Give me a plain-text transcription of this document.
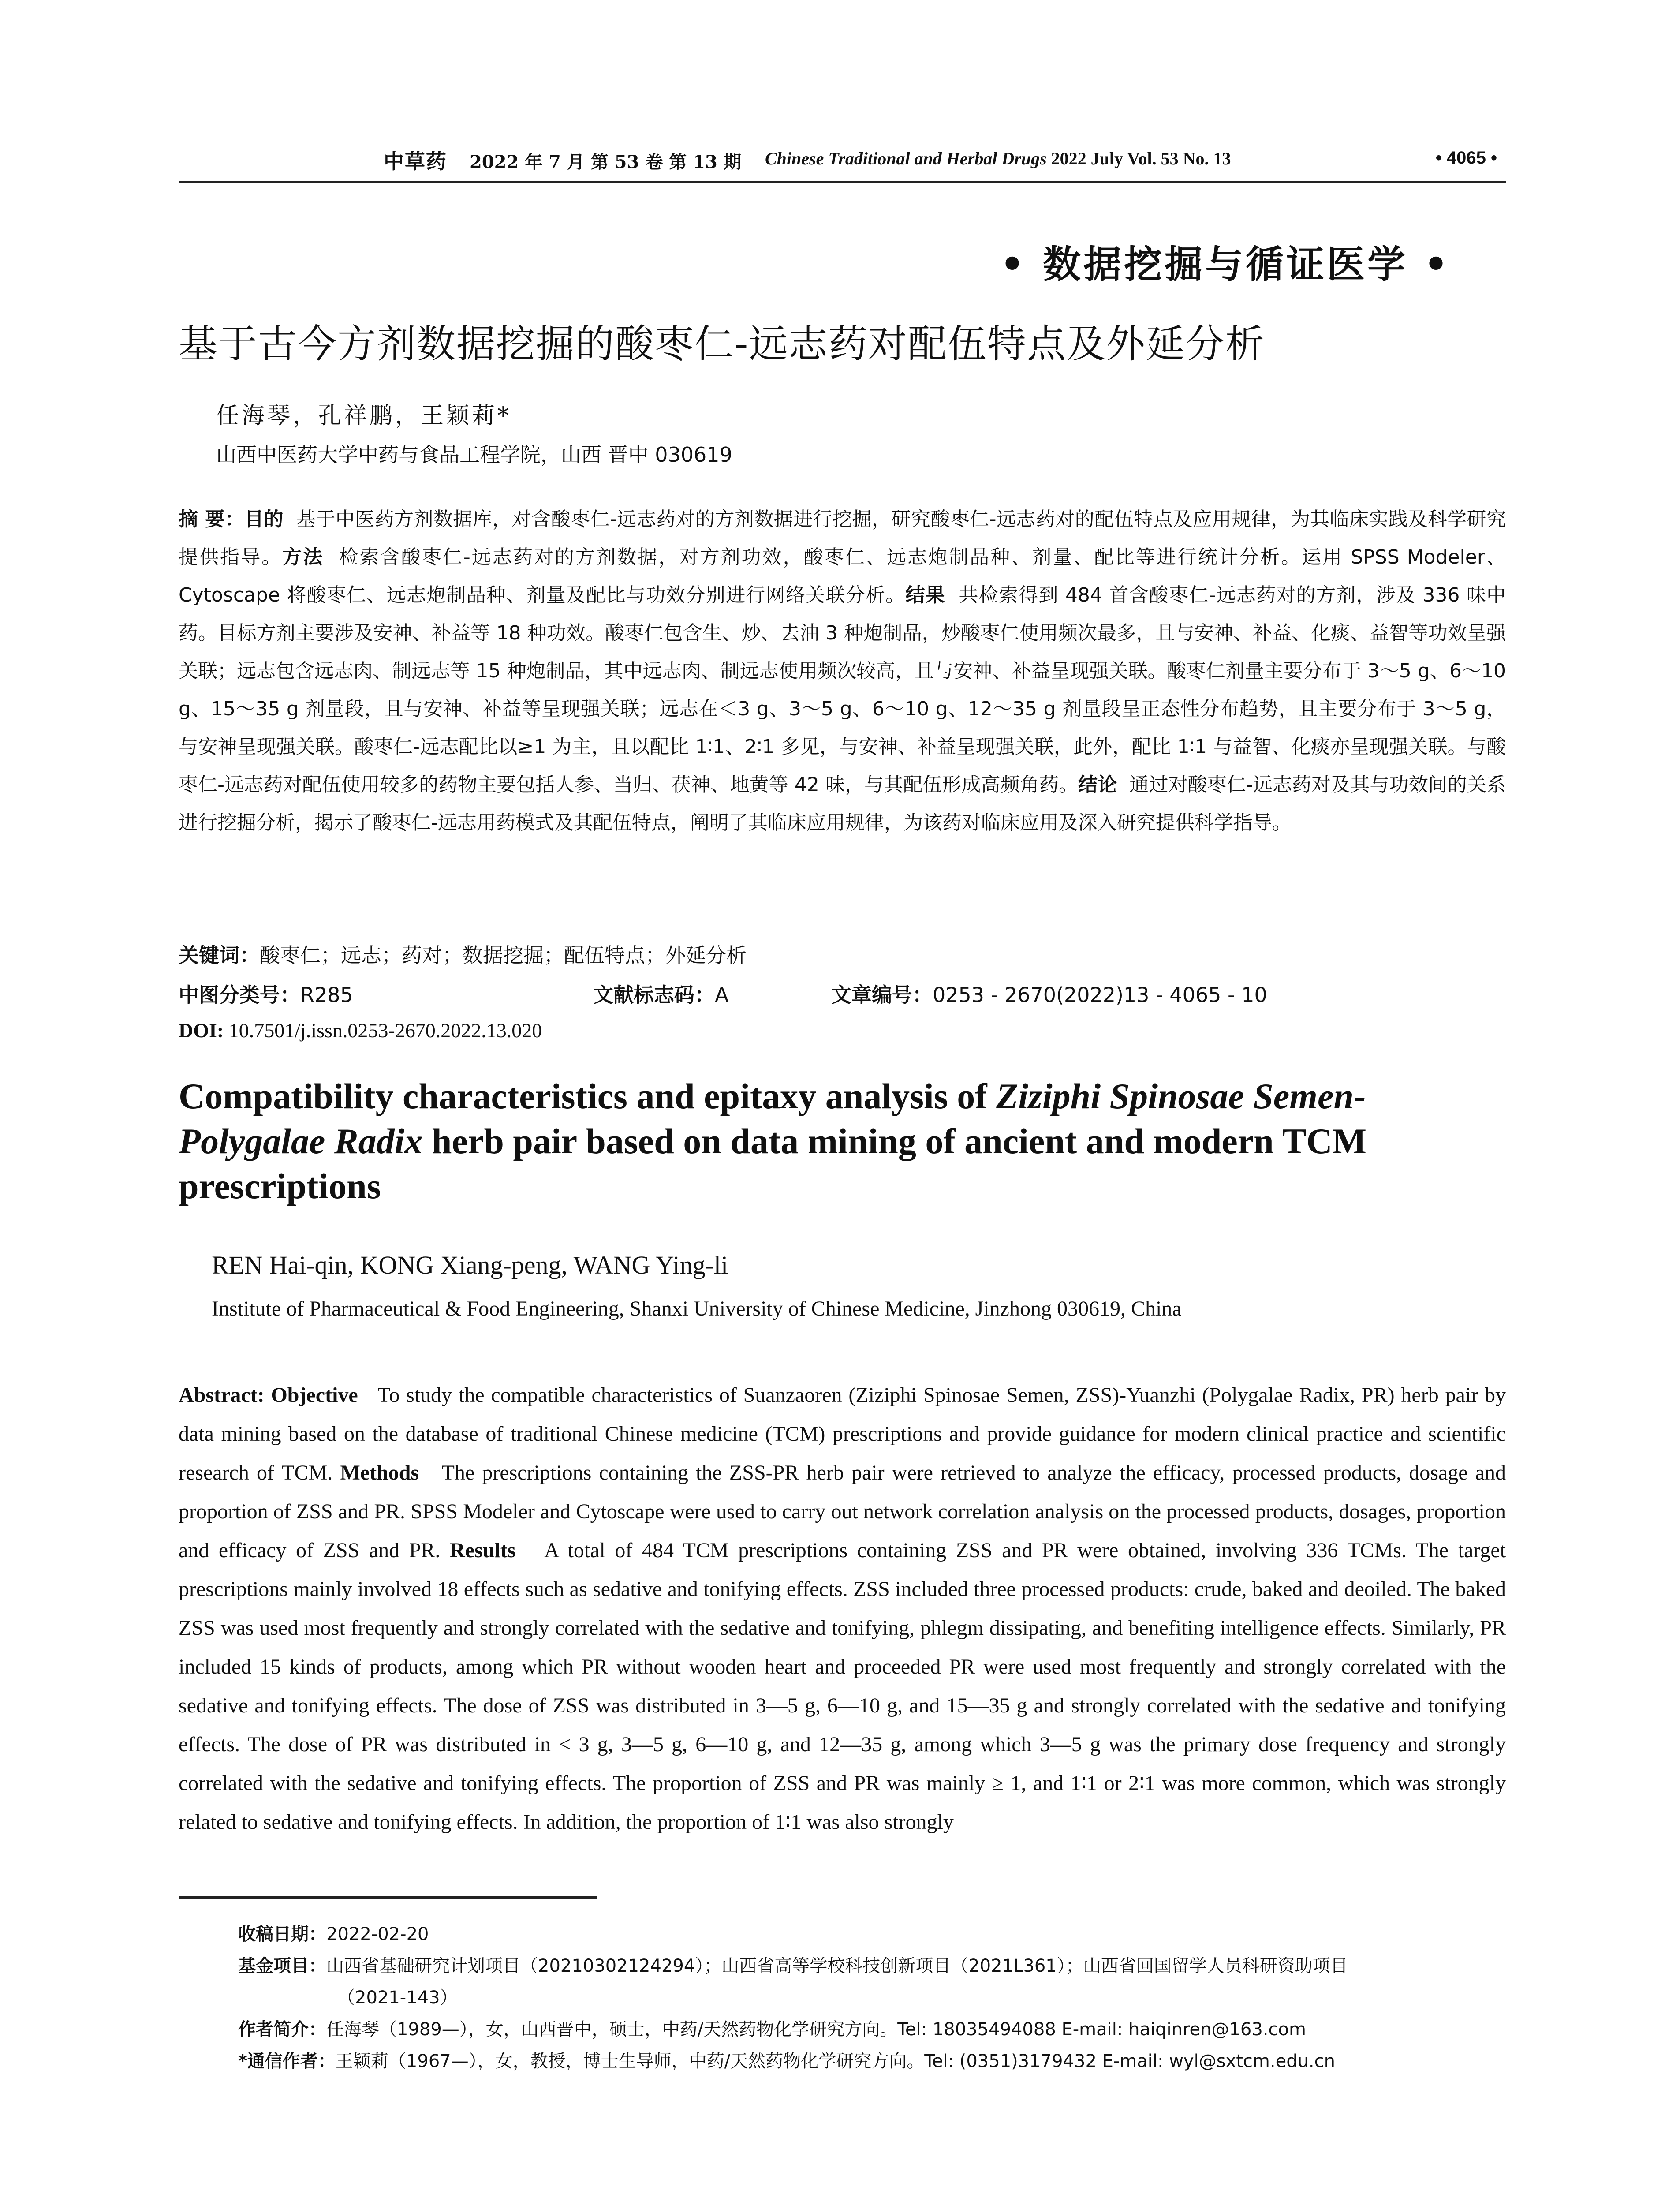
中草药 2022 年 7 月 第 53 卷 第 13 期 Chinese Traditional and Herbal Drugs 2022 July Vol. 53 No. 13	• 4065 •
• 数据挖掘与循证医学 •
基于古今方剂数据挖掘的酸枣仁-远志药对配伍特点及外延分析
任海琴，孔祥鹏，王颖莉*
山西中医药大学中药与食品工程学院，山西 晋中 030619
摘 要：目的 基于中医药方剂数据库，对含酸枣仁-远志药对的方剂数据进行挖掘，研究酸枣仁-远志药对的配伍特点及应用规律，为其临床实践及科学研究提供指导。方法 检索含酸枣仁-远志药对的方剂数据，对方剂功效，酸枣仁、远志炮制品种、剂量、配比等进行统计分析。运用 SPSS Modeler、Cytoscape 将酸枣仁、远志炮制品种、剂量及配比与功效分别进行网络关联分析。结果 共检索得到 484 首含酸枣仁-远志药对的方剂，涉及 336 味中药。目标方剂主要涉及安神、补益等 18 种功效。酸枣仁包含生、炒、去油 3 种炮制品，炒酸枣仁使用频次最多，且与安神、补益、化痰、益智等功效呈强关联；远志包含远志肉、制远志等 15 种炮制品，其中远志肉、制远志使用频次较高，且与安神、补益呈现强关联。酸枣仁剂量主要分布于 3～5 g、6～10 g、15～35 g 剂量段，且与安神、补益等呈现强关联；远志在＜3 g、3～5 g、6～10 g、12～35 g 剂量段呈正态性分布趋势，且主要分布于 3～5 g，与安神呈现强关联。酸枣仁-远志配比以≥1 为主，且以配比 1∶1、2∶1 多见，与安神、补益呈现强关联，此外，配比 1∶1 与益智、化痰亦呈现强关联。与酸枣仁-远志药对配伍使用较多的药物主要包括人参、当归、茯神、地黄等 42 味，与其配伍形成高频角药。结论 通过对酸枣仁-远志药对及其与功效间的关系进行挖掘分析，揭示了酸枣仁-远志用药模式及其配伍特点，阐明了其临床应用规律，为该药对临床应用及深入研究提供科学指导。
关键词：酸枣仁；远志；药对；数据挖掘；配伍特点；外延分析
中图分类号：R285	文献标志码：A	文章编号：0253 - 2670(2022)13 - 4065 - 10
DOI: 10.7501/j.issn.0253-2670.2022.13.020
Compatibility characteristics and epitaxy analysis of Ziziphi Spinosae Semen-Polygalae Radix herb pair based on data mining of ancient and modern TCM prescriptions
REN Hai-qin, KONG Xiang-peng, WANG Ying-li
Institute of Pharmaceutical & Food Engineering, Shanxi University of Chinese Medicine, Jinzhong 030619, China
Abstract: Objective To study the compatible characteristics of Suanzaoren (Ziziphi Spinosae Semen, ZSS)-Yuanzhi (Polygalae Radix, PR) herb pair by data mining based on the database of traditional Chinese medicine (TCM) prescriptions and provide guidance for modern clinical practice and scientific research of TCM. Methods The prescriptions containing the ZSS-PR herb pair were retrieved to analyze the efficacy, processed products, dosage and proportion of ZSS and PR. SPSS Modeler and Cytoscape were used to carry out network correlation analysis on the processed products, dosages, proportion and efficacy of ZSS and PR. Results A total of 484 TCM prescriptions containing ZSS and PR were obtained, involving 336 TCMs. The target prescriptions mainly involved 18 effects such as sedative and tonifying effects. ZSS included three processed products: crude, baked and deoiled. The baked ZSS was used most frequently and strongly correlated with the sedative and tonifying, phlegm dissipating, and benefiting intelligence effects. Similarly, PR included 15 kinds of products, among which PR without wooden heart and proceeded PR were used most frequently and strongly correlated with the sedative and tonifying effects. The dose of ZSS was distributed in 3—5 g, 6—10 g, and 15—35 g and strongly correlated with the sedative and tonifying effects. The dose of PR was distributed in < 3 g, 3—5 g, 6—10 g, and 12—35 g, among which 3—5 g was the primary dose frequency and strongly correlated with the sedative and tonifying effects. The proportion of ZSS and PR was mainly ≥ 1, and 1∶1 or 2∶1 was more common, which was strongly related to sedative and tonifying effects. In addition, the proportion of 1∶1 was also strongly
收稿日期：2022-02-20
基金项目：山西省基础研究计划项目（20210302124294）；山西省高等学校科技创新项目（2021L361）；山西省回国留学人员科研资助项目
（2021-143）
作者简介：任海琴（1989—），女，山西晋中，硕士，中药/天然药物化学研究方向。Tel: 18035494088 E-mail: haiqinren@163.com
*通信作者：王颖莉（1967—），女，教授，博士生导师，中药/天然药物化学研究方向。Tel: (0351)3179432 E-mail: wyl@sxtcm.edu.cn
